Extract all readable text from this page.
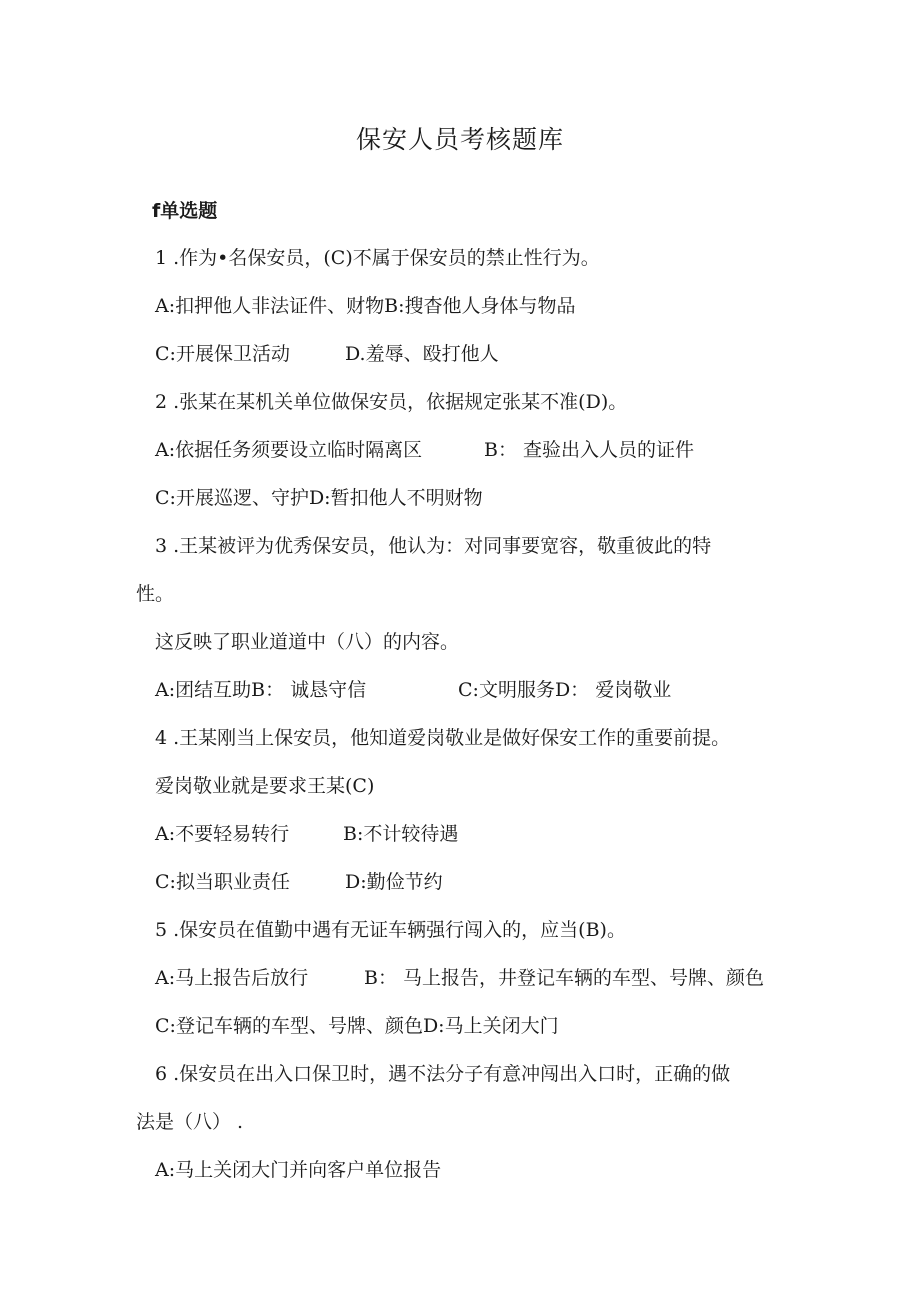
保安人员考核题库
f单选题
1 .作为•名保安员，(C)不属于保安员的禁止性行为。
A:扣押他人非法证件、财物B:搜杳他人身体与物品
C:开展保卫活动	D.羞辱、殴打他人
2 .张某在某机关单位做保安员，依据规定张某不准(D)。
A:依据任务须要设立临时隔离区	B： 查验出入人员的证件
C:开展巡逻、守护D:暂扣他人不明财物
3 .王某被评为优秀保安员，他认为：对同事要宽容，敬重彼此的特
性。
这反映了职业道道中（八）的内容。
A:团结互助B： 诚恳守信	C:文明服务D： 爱岗敬业
4 .王某刚当上保安员，他知道爱岗敬业是做好保安工作的重要前提。
爱岗敬业就是要求王某(C)
A:不要轻易转行	B:不计较待遇
C:拟当职业责任	D:勤俭节约
5 .保安员在值勤中遇有无证车辆强行闯入的，应当(B)。
A:马上报告后放行	B： 马上报告，井登记车辆的车型、号牌、颜色
C:登记车辆的车型、号牌、颜色D:马上关闭大门
6 .保安员在出入口保卫时，遇不法分子有意冲闯出入口时，正确的做
法是（八） .
A:马上关闭大门并向客户单位报告
